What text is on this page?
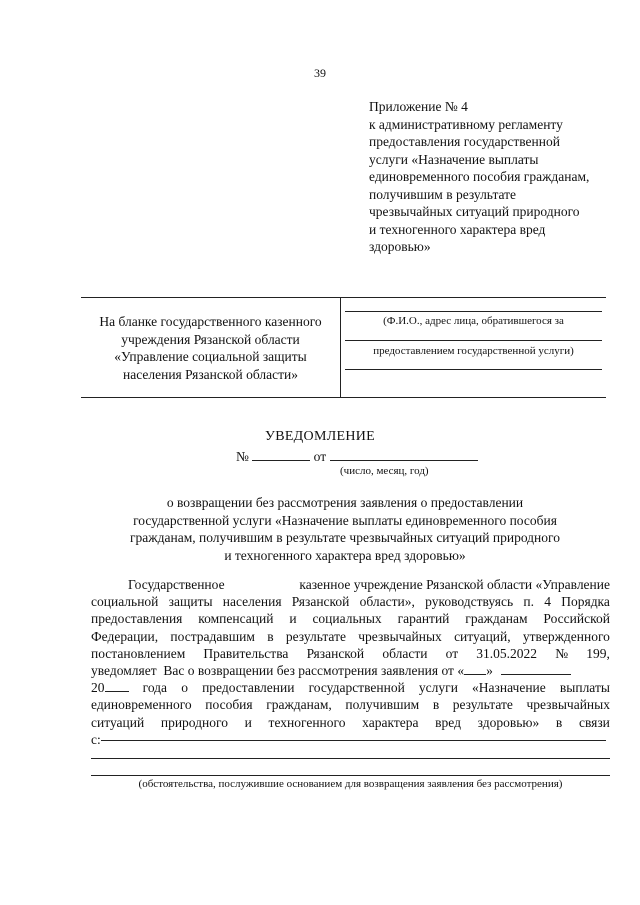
39
Приложение № 4
к административному регламенту
предоставления государственной
услуги «Назначение выплаты
единовременного пособия гражданам,
получившим в результате
чрезвычайных ситуаций природного
и техногенного характера вред
здоровью»
На бланке государственного казенного
учреждения Рязанской области
«Управление социальной защиты
населения Рязанской области»
(Ф.И.О., адрес лица, обратившегося за
предоставлением государственной услуги)
УВЕДОМЛЕНИЕ
№	от
(число, месяц, год)
о возвращении без рассмотрения заявления о предоставлении
государственной услуги «Назначение выплаты единовременного пособия
гражданам, получившим в результате чрезвычайных ситуаций природного
и техногенного характера вред здоровью»
Государственное	казенное учреждение Рязанской области «Управление
социальной защиты населения Рязанской области», руководствуясь п. 4 Порядка
предоставления компенсаций и социальных гарантий гражданам Российской
Федерации, пострадавшим в результате чрезвычайных ситуаций, утвержденного
постановлением Правительства Рязанской области от 31.05.2022 № 199,
уведомляет  Вас о возвращении без рассмотрения заявления от « »
20	года о предоставлении государственной услуги «Назначение выплаты
единовременного пособия гражданам, получившим в результате чрезвычайных
ситуаций природного и техногенного характера вред здоровью» в связи
с:
(обстоятельства, послужившие основанием для возвращения заявления без рассмотрения)
